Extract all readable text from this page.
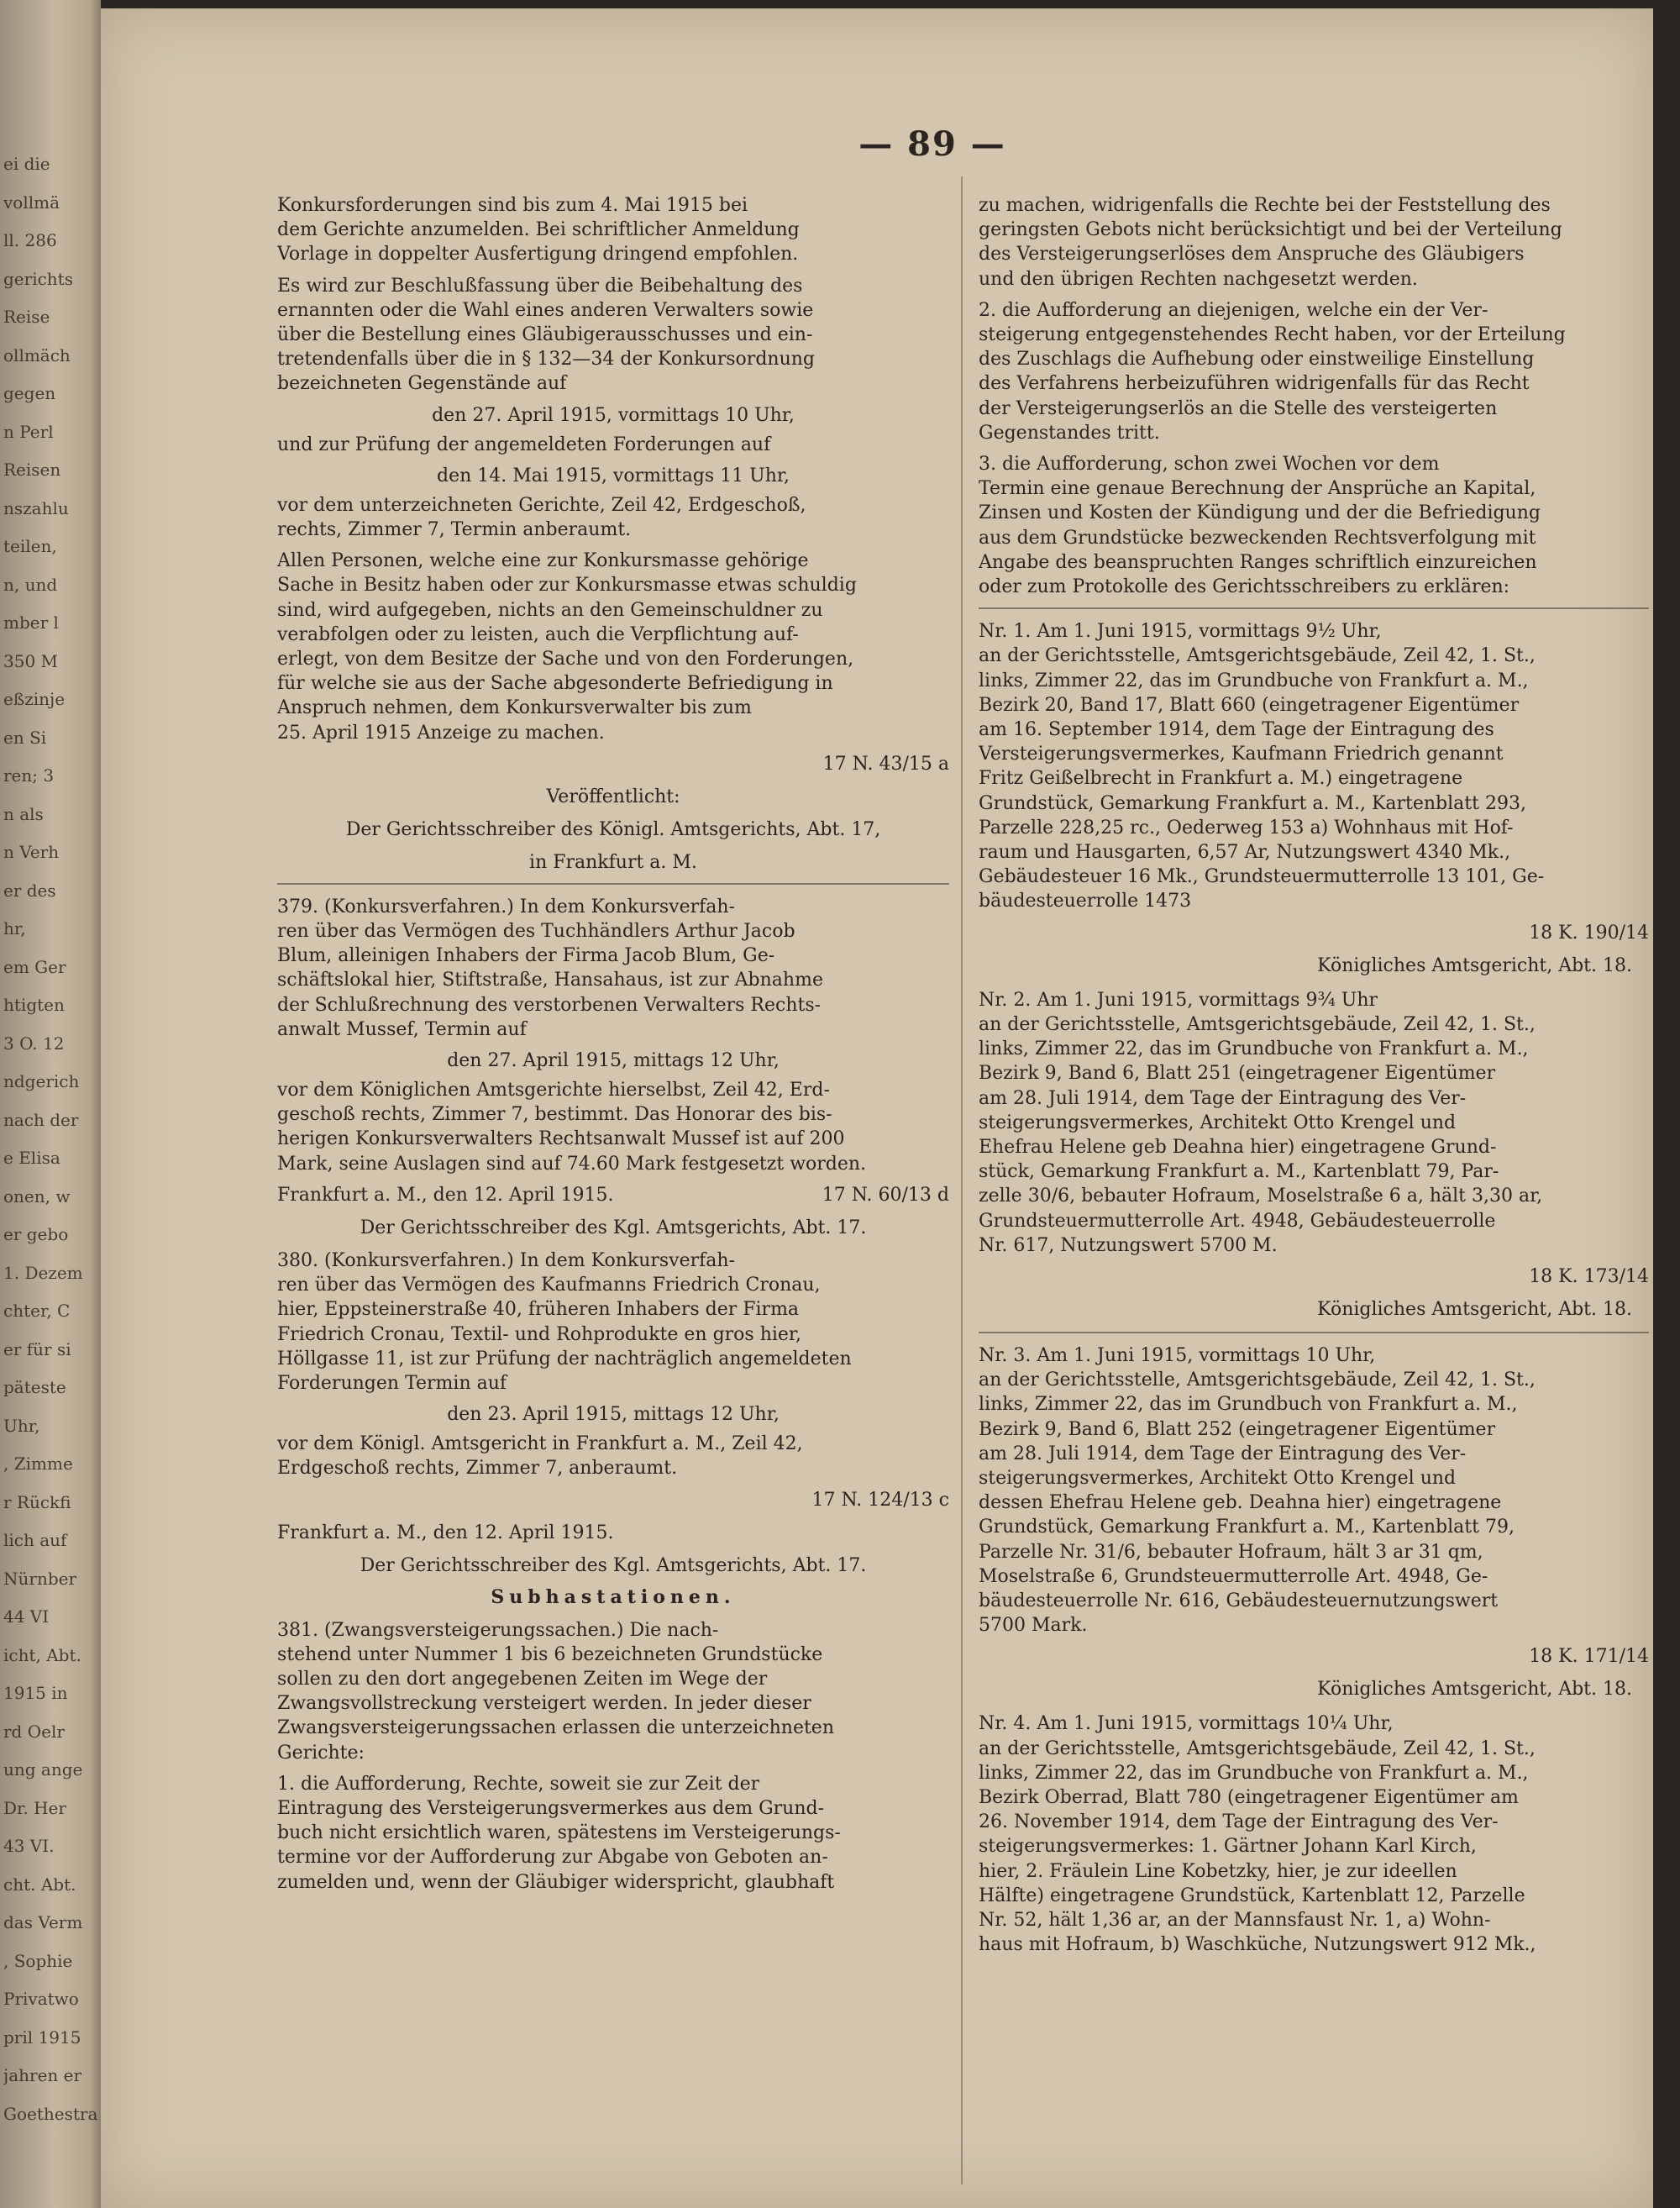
ei die
vollmä
ll. 286
gerichts
Reise
ollmäch
gegen
n Perl
Reisen
nszahlu
teilen,
n, und
mber l
350 M
eßzinje
en Si
ren; 3
n als
n Verh
er des
hr,
em Ger
htigten
3 O. 12
ndgerich
nach der
e Elisa
onen, w
er gebo
1. Dezem
chter, C
er für si
päteste
Uhr,
, Zimme
r Rückfi
lich auf
Nürnber
44 VI
icht, Abt.
1915 in
rd Oelr
ung ange
Dr. Her
43 VI.
cht. Abt.
das Verm
, Sophie
Privatwo
pril 1915
jahren er
Goethestra
— 89 —
Konkursforderungen sind bis zum 4. Mai 1915 bei
dem Gerichte anzumelden. Bei schriftlicher Anmeldung
Vorlage in doppelter Ausfertigung dringend empfohlen.
Es wird zur Beschlußfassung über die Beibehaltung des
ernannten oder die Wahl eines anderen Verwalters sowie
über die Bestellung eines Gläubigerausschusses und ein-
tretendenfalls über die in § 132—34 der Konkursordnung
bezeichneten Gegenstände auf
den 27. April 1915, vormittags 10 Uhr,
und zur Prüfung der angemeldeten Forderungen auf
den 14. Mai 1915, vormittags 11 Uhr,
vor dem unterzeichneten Gerichte, Zeil 42, Erdgeschoß,
rechts, Zimmer 7, Termin anberaumt.
Allen Personen, welche eine zur Konkursmasse gehörige
Sache in Besitz haben oder zur Konkursmasse etwas schuldig
sind, wird aufgegeben, nichts an den Gemeinschuldner zu
verabfolgen oder zu leisten, auch die Verpflichtung auf-
erlegt, von dem Besitze der Sache und von den Forderungen,
für welche sie aus der Sache abgesonderte Befriedigung in
Anspruch nehmen, dem Konkursverwalter bis zum
25. April 1915 Anzeige zu machen.
17 N. 43/15 a

Veröffentlicht:
Der Gerichtsschreiber des Königl. Amtsgerichts, Abt. 17,
in Frankfurt a. M.
379. (Konkursverfahren.) In dem Konkursverfah-
ren über das Vermögen des Tuchhändlers Arthur Jacob
Blum, alleinigen Inhabers der Firma Jacob Blum, Ge-
schäftslokal hier, Stiftstraße, Hansahaus, ist zur Abnahme
der Schlußrechnung des verstorbenen Verwalters Rechts-
anwalt Mussef, Termin auf
den 27. April 1915, mittags 12 Uhr,
vor dem Königlichen Amtsgerichte hierselbst, Zeil 42, Erd-
geschoß rechts, Zimmer 7, bestimmt. Das Honorar des bis-
herigen Konkursverwalters Rechtsanwalt Mussef ist auf 200
Mark, seine Auslagen sind auf 74.60 Mark festgesetzt worden.
Frankfurt a. M., den 12. April 1915.	17 N. 60/13 d
Der Gerichtsschreiber des Kgl. Amtsgerichts, Abt. 17.
380. (Konkursverfahren.) In dem Konkursverfah-
ren über das Vermögen des Kaufmanns Friedrich Cronau,
hier, Eppsteinerstraße 40, früheren Inhabers der Firma
Friedrich Cronau, Textil- und Rohprodukte en gros hier,
Höllgasse 11, ist zur Prüfung der nachträglich angemeldeten
Forderungen Termin auf
den 23. April 1915, mittags 12 Uhr,
vor dem Königl. Amtsgericht in Frankfurt a. M., Zeil 42,
Erdgeschoß rechts, Zimmer 7, anberaumt.
17 N. 124/13 c

Frankfurt a. M., den 12. April 1915.
Der Gerichtsschreiber des Kgl. Amtsgerichts, Abt. 17.
Subhastationen.
381. (Zwangsversteigerungssachen.) Die nach-
stehend unter Nummer 1 bis 6 bezeichneten Grundstücke
sollen zu den dort angegebenen Zeiten im Wege der
Zwangsvollstreckung versteigert werden. In jeder dieser
Zwangsversteigerungssachen erlassen die unterzeichneten
Gerichte:
1. die Aufforderung, Rechte, soweit sie zur Zeit der
Eintragung des Versteigerungsvermerkes aus dem Grund-
buch nicht ersichtlich waren, spätestens im Versteigerungs-
termine vor der Aufforderung zur Abgabe von Geboten an-
zumelden und, wenn der Gläubiger widerspricht, glaubhaft
zu machen, widrigenfalls die Rechte bei der Feststellung des
geringsten Gebots nicht berücksichtigt und bei der Verteilung
des Versteigerungserlöses dem Anspruche des Gläubigers
und den übrigen Rechten nachgesetzt werden.
2. die Aufforderung an diejenigen, welche ein der Ver-
steigerung entgegenstehendes Recht haben, vor der Erteilung
des Zuschlags die Aufhebung oder einstweilige Einstellung
des Verfahrens herbeizuführen widrigenfalls für das Recht
der Versteigerungserlös an die Stelle des versteigerten
Gegenstandes tritt.
3. die Aufforderung, schon zwei Wochen vor dem
Termin eine genaue Berechnung der Ansprüche an Kapital,
Zinsen und Kosten der Kündigung und der die Befriedigung
aus dem Grundstücke bezweckenden Rechtsverfolgung mit
Angabe des beanspruchten Ranges schriftlich einzureichen
oder zum Protokolle des Gerichtsschreibers zu erklären:
Nr. 1. Am 1. Juni 1915, vormittags 9½ Uhr,
an der Gerichtsstelle, Amtsgerichtsgebäude, Zeil 42, 1. St.,
links, Zimmer 22, das im Grundbuche von Frankfurt a. M.,
Bezirk 20, Band 17, Blatt 660 (eingetragener Eigentümer
am 16. September 1914, dem Tage der Eintragung des
Versteigerungsvermerkes, Kaufmann Friedrich genannt
Fritz Geißelbrecht in Frankfurt a. M.) eingetragene
Grundstück, Gemarkung Frankfurt a. M., Kartenblatt 293,
Parzelle 228,25 rc., Oederweg 153 a) Wohnhaus mit Hof-
raum und Hausgarten, 6,57 Ar, Nutzungswert 4340 Mk.,
Gebäudesteuer 16 Mk., Grundsteuermutterrolle 13 101, Ge-
bäudesteuerrolle 1473
18 K. 190/14

Königliches Amtsgericht, Abt. 18.
Nr. 2. Am 1. Juni 1915, vormittags 9¾ Uhr
an der Gerichtsstelle, Amtsgerichtsgebäude, Zeil 42, 1. St.,
links, Zimmer 22, das im Grundbuche von Frankfurt a. M.,
Bezirk 9, Band 6, Blatt 251 (eingetragener Eigentümer
am 28. Juli 1914, dem Tage der Eintragung des Ver-
steigerungsvermerkes, Architekt Otto Krengel und
Ehefrau Helene geb Deahna hier) eingetragene Grund-
stück, Gemarkung Frankfurt a. M., Kartenblatt 79, Par-
zelle 30/6, bebauter Hofraum, Moselstraße 6 a, hält 3,30 ar,
Grundsteuermutterrolle Art. 4948, Gebäudesteuerrolle
Nr. 617, Nutzungswert 5700 M.
18 K. 173/14

Königliches Amtsgericht, Abt. 18.
Nr. 3. Am 1. Juni 1915, vormittags 10 Uhr,
an der Gerichtsstelle, Amtsgerichtsgebäude, Zeil 42, 1. St.,
links, Zimmer 22, das im Grundbuch von Frankfurt a. M.,
Bezirk 9, Band 6, Blatt 252 (eingetragener Eigentümer
am 28. Juli 1914, dem Tage der Eintragung des Ver-
steigerungsvermerkes, Architekt Otto Krengel und
dessen Ehefrau Helene geb. Deahna hier) eingetragene
Grundstück, Gemarkung Frankfurt a. M., Kartenblatt 79,
Parzelle Nr. 31/6, bebauter Hofraum, hält 3 ar 31 qm,
Moselstraße 6, Grundsteuermutterrolle Art. 4948, Ge-
bäudesteuerrolle Nr. 616, Gebäudesteuernutzungswert
5700 Mark.
18 K. 171/14

Königliches Amtsgericht, Abt. 18.
Nr. 4. Am 1. Juni 1915, vormittags 10¼ Uhr,
an der Gerichtsstelle, Amtsgerichtsgebäude, Zeil 42, 1. St.,
links, Zimmer 22, das im Grundbuche von Frankfurt a. M.,
Bezirk Oberrad, Blatt 780 (eingetragener Eigentümer am
26. November 1914, dem Tage der Eintragung des Ver-
steigerungsvermerkes: 1. Gärtner Johann Karl Kirch,
hier, 2. Fräulein Line Kobetzky, hier, je zur ideellen
Hälfte) eingetragene Grundstück, Kartenblatt 12, Parzelle
Nr. 52, hält 1,36 ar, an der Mannsfaust Nr. 1, a) Wohn-
haus mit Hofraum, b) Waschküche, Nutzungswert 912 Mk.,
